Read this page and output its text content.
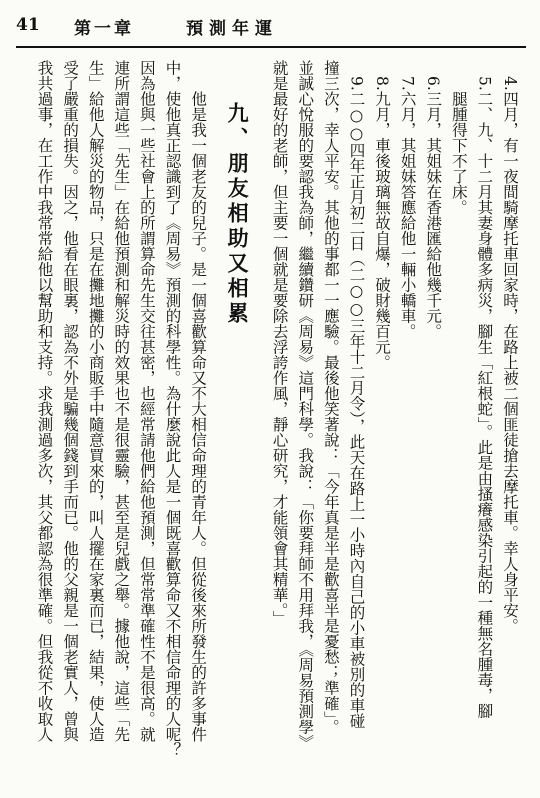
41 第一章	預測年運

4.四月，有一夜間騎摩托車回家時，在路上被二個匪徒搶去摩托車。幸人身平安。

5.二、九、十二月其妻身體多病災，腳生「紅根蛇」。此是由搔癢感染引起的一種無名腫毒，腳

腿腫得下不了床。

6.三月，其姐妹在香港匯給他幾千元。

7.六月，其姐妹答應給他一輛小轎車。

8.九月，車後玻璃無故自爆，破財幾百元。

9.二○○四年正月初二日（二○○三年十二月令），此天在路上一小時內自己的小車被別的車碰

撞三次，幸人平安。其他的事都一一應驗。最後他笑著說：「今年真是半是歡喜半是憂愁；準確」。

並誠心悅服的要認我為師，繼續鑽研《周易》這門科學。我說：「你要拜師不用拜我，《周易預測學》

就是最好的老師，但主要一個就是要除去浮誇作風，靜心研究，才能領會其精華。」

九、朋友相助又相累

他是我一個老友的兒子。是一個喜歡算命又不大相信命理的青年人。但從後來所發生的許多事件

中，使他真正認識到了《周易》預測的科學性。為什麼說此人是一個既喜歡算命又不相信命理的人呢？

因為他與一些社會上的所謂算命先生交往甚密，也經常請他們給他預測，但常常準確性不是很高。就

連所謂這些「先生」在給他預測和解災時的效果也不是很靈驗，甚至是兒戲之舉。據他說，這些「先

生」給他人解災的物品，只是在攤地攤的小商販手中隨意買來的，叫人擺在家裏而已，結果，使人造

受了嚴重的損失。因之，他看在眼裏，認為不外是騙幾個錢到手而已。他的父親是一個老實人，曾與

我共過事，在工作中我常常給他以幫助和支持。求我測過多次，其父都認為很準確。但我從不收取人
